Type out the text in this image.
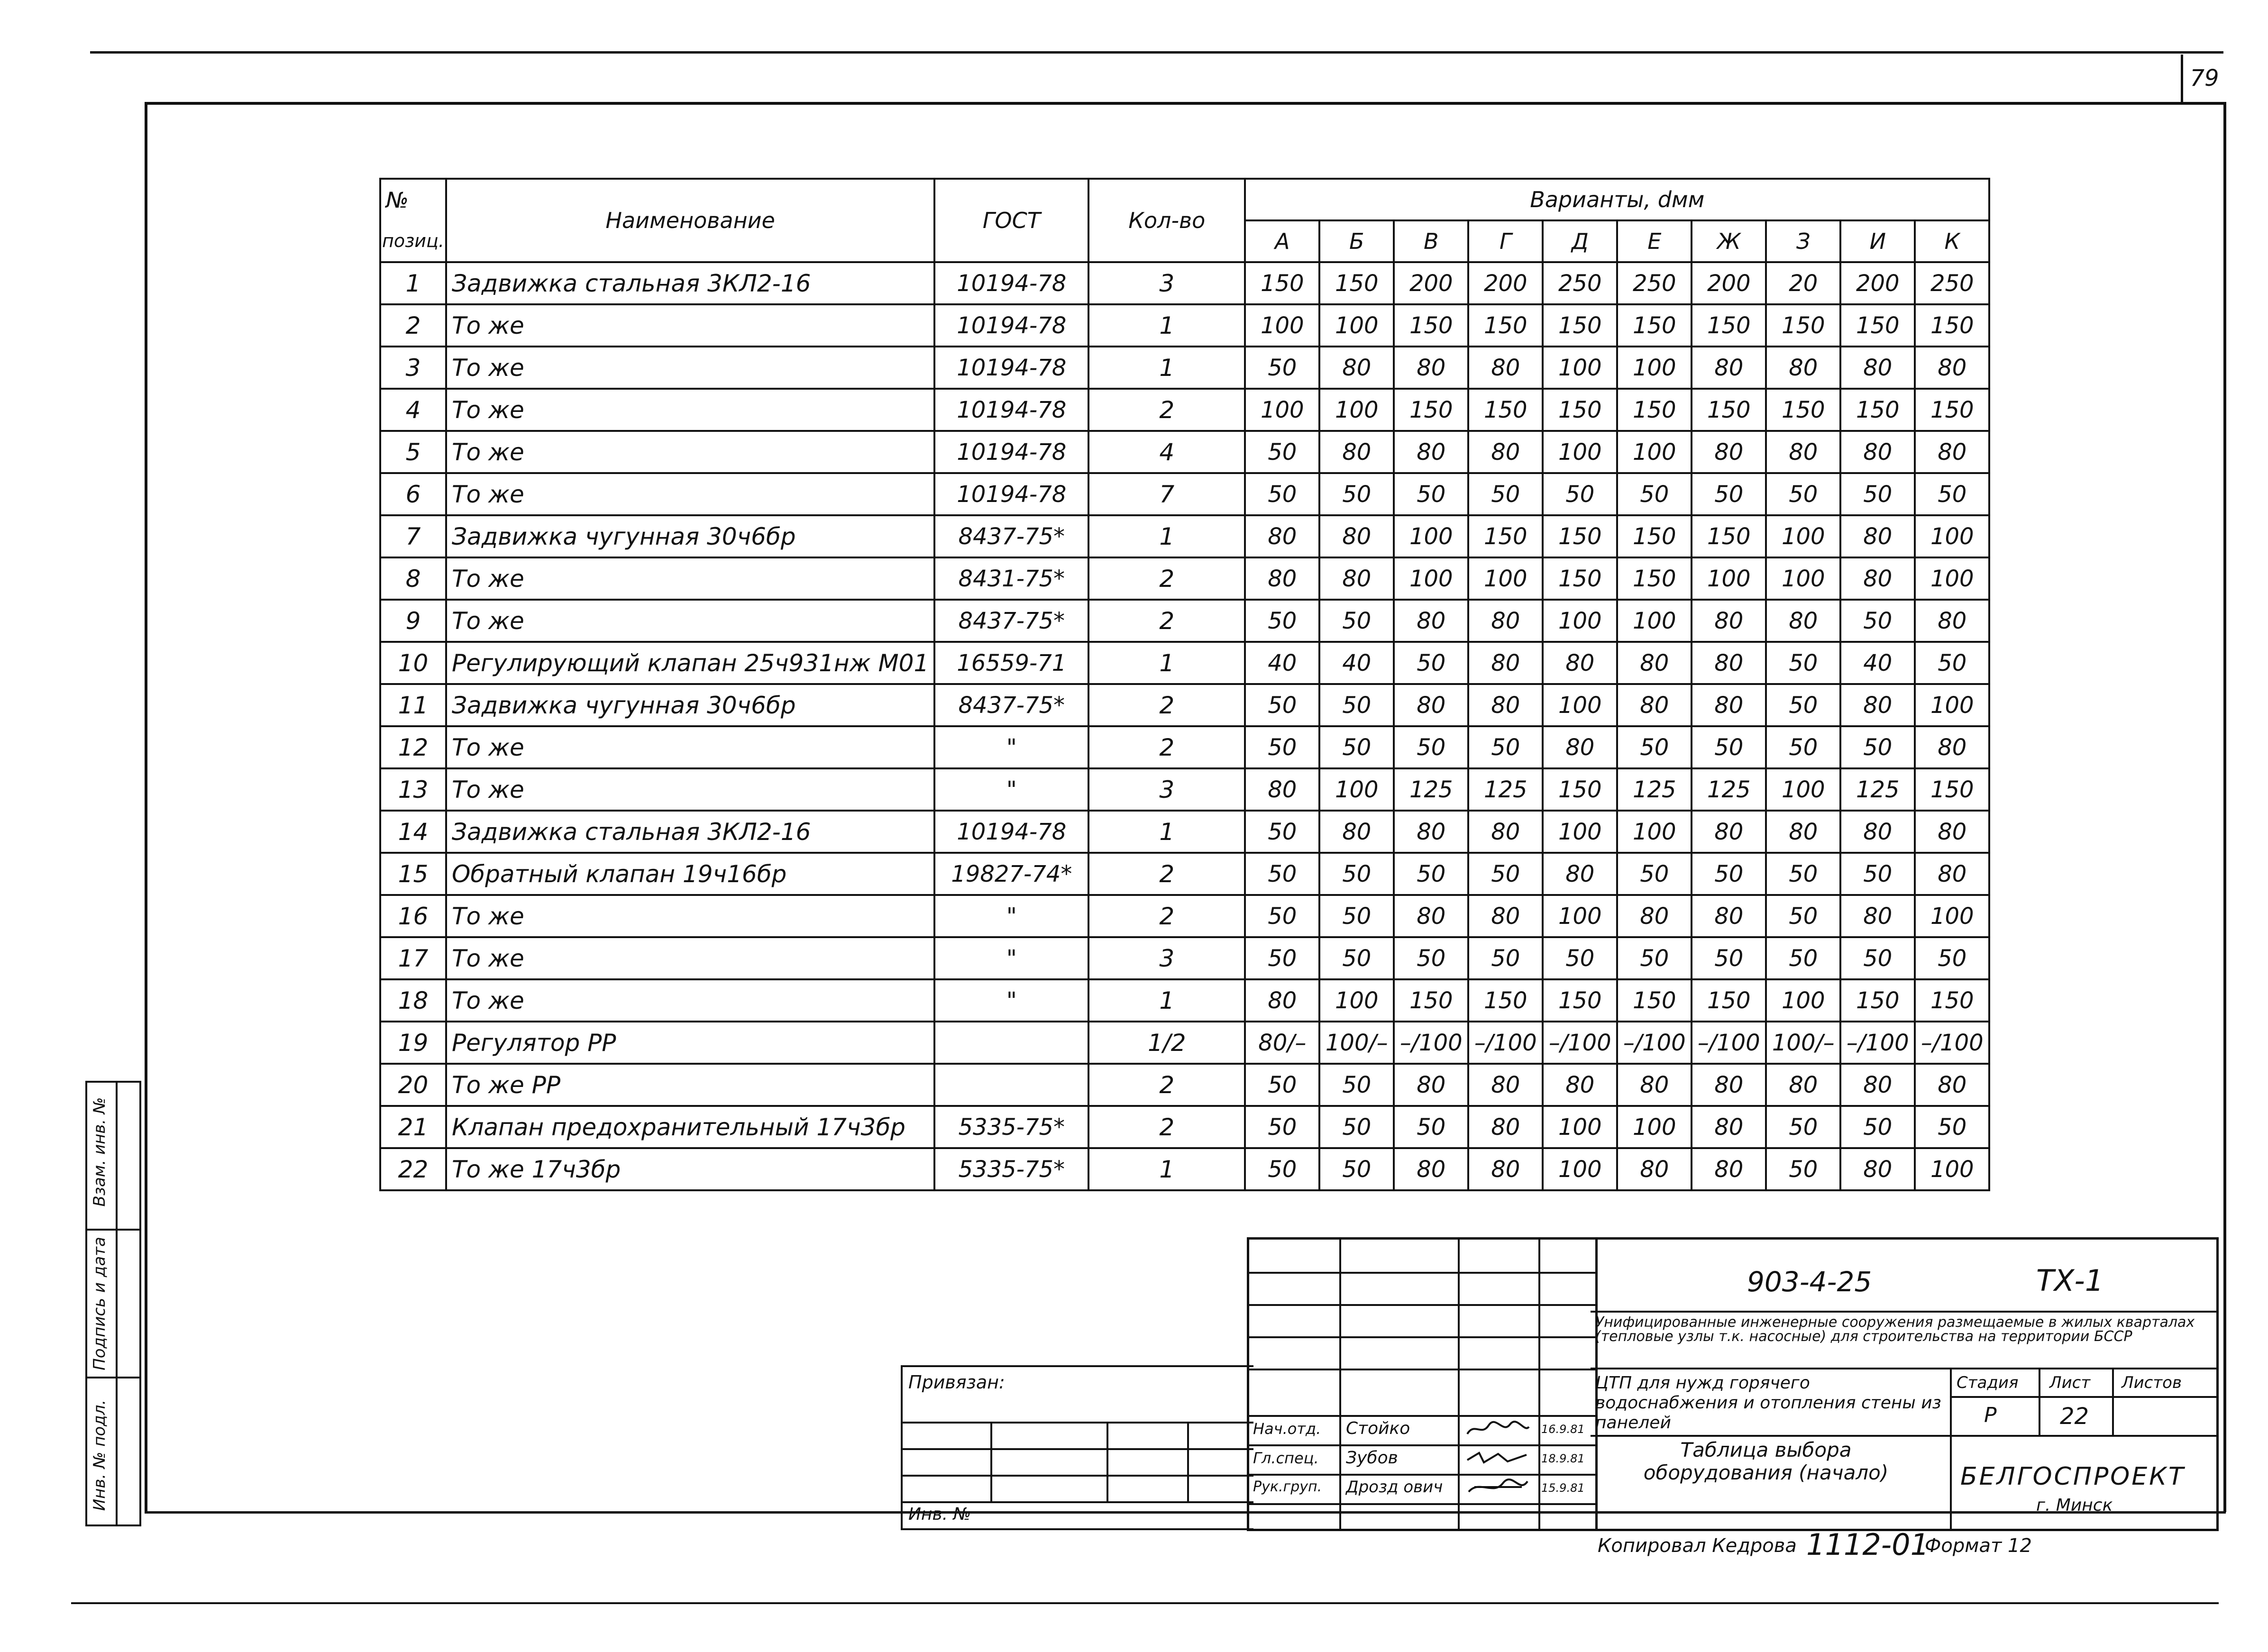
79
№	Наименование	ГОСТ	Кол-во	Варианты, dмм									
позиц.				А	Б	В	Г	Д	Е	Ж	З	И	К
1	Задвижка стальная 3КЛ2-16	10194-78	3	150	150	200	200	250	250	200	20	200	250
2	То же	10194-78	1	100	100	150	150	150	150	150	150	150	150
3	То же	10194-78	1	50	80	80	80	100	100	80	80	80	80
4	То же	10194-78	2	100	100	150	150	150	150	150	150	150	150
5	То же	10194-78	4	50	80	80	80	100	100	80	80	80	80
6	То же	10194-78	7	50	50	50	50	50	50	50	50	50	50
7	Задвижка чугунная 30ч6бр	8437-75*	1	80	80	100	150	150	150	150	100	80	100
8	То же	8431-75*	2	80	80	100	100	150	150	100	100	80	100
9	То же	8437-75*	2	50	50	80	80	100	100	80	80	50	80
10	Регулирующий клапан 25ч931нж М01	16559-71	1	40	40	50	80	80	80	80	50	40	50
11	Задвижка чугунная 30ч6бр	8437-75*	2	50	50	80	80	100	80	80	50	80	100
12	То же	"	2	50	50	50	50	80	50	50	50	50	80
13	То же	"	3	80	100	125	125	150	125	125	100	125	150
14	Задвижка стальная 3КЛ2-16	10194-78	1	50	80	80	80	100	100	80	80	80	80
15	Обратный клапан 19ч16бр	19827-74*	2	50	50	50	50	80	50	50	50	50	80
16	То же	"	2	50	50	80	80	100	80	80	50	80	100
17	То же	"	3	50	50	50	50	50	50	50	50	50	50
18	То же	"	1	80	100	150	150	150	150	150	100	150	150
19	Регулятор РР		1/2	80/–	100/–	–/100	–/100	–/100	–/100	–/100	100/–	–/100	–/100
20	То же РР		2	50	50	80	80	80	80	80	80	80	80
21	Клапан предохранительный 17ч3бр	5335-75*	2	50	50	50	80	100	100	80	50	50	50
22	То же 17ч3бр	5335-75*	1	50	50	80	80	100	80	80	50	80	100

Взам. инв. №
Подпись и дата
Инв. № подл.
Привязан:
Инв. №
Нач.отд. Стойко	16.9.81
Гл.спец. Зубов	18.9.81
Рук.груп. Дрозд ович	15.9.81
903-4-25	ТХ-1
Унифицированные инженерные сооружения размещаемые в жилых кварталах (тепловые узлы т.к. насосные) для строительства на территории БССР
ЦТП для нужд горячего водоснабжения и отопления стены из панелей
Таблица выбора оборудования (начало)
Стадия Лист Листов
Р	22
БЕЛГОСПРОЕКТ
г. Минск
Копировал Кедрова 1112-01
Формат 12
